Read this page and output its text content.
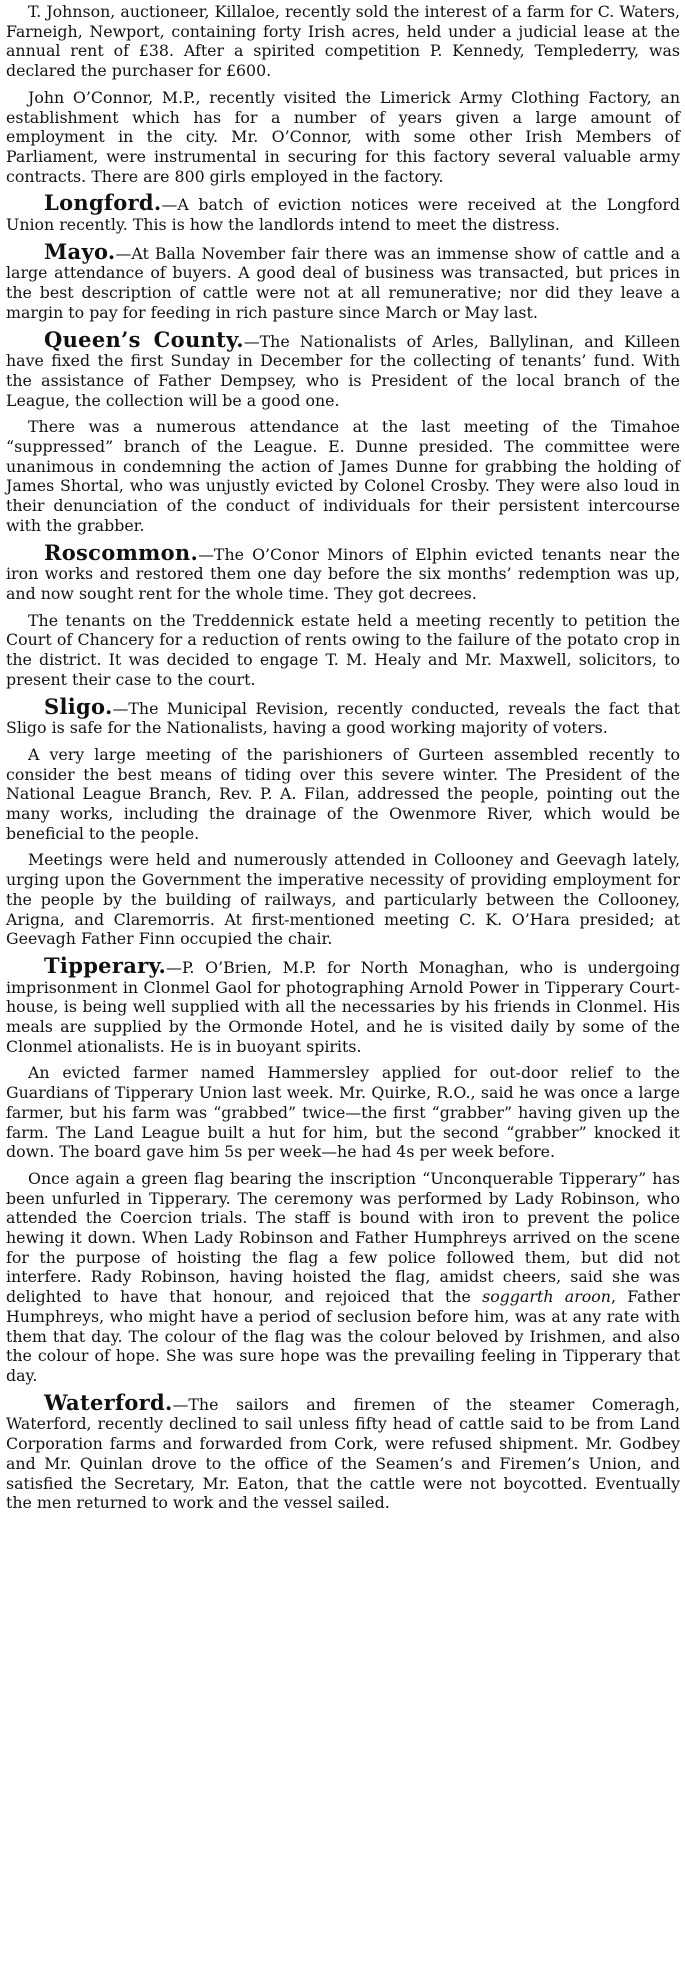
T. Johnson, auctioneer, Killaloe, recently sold the interest of a farm for C. Waters, Farneigh, Newport, containing forty Irish acres, held under a judicial lease at the annual rent of £38. After a spirited competition P. Kennedy, Templederry, was declared the purchaser for £600.

John O’Connor, M.P., recently visited the Limerick Army Clothing Factory, an establishment which has for a number of years given a large amount of employment in the city. Mr. O’Connor, with some other Irish Members of Parliament, were instrumental in securing for this factory several valuable army contracts. There are 800 girls employed in the factory.

Longford.—A batch of eviction notices were received at the Longford Union recently. This is how the landlords intend to meet the distress.

Mayo.—At Balla November fair there was an immense show of cattle and a large attendance of buyers. A good deal of business was transacted, but prices in the best description of cattle were not at all remunerative; nor did they leave a margin to pay for feeding in rich pasture since March or May last.

Queen’s County.—The Nationalists of Arles, Ballylinan, and Killeen have fixed the first Sunday in December for the collecting of tenants’ fund. With the assistance of Father Dempsey, who is President of the local branch of the League, the collection will be a good one.

There was a numerous attendance at the last meeting of the Timahoe “suppressed” branch of the League. E. Dunne presided. The committee were unanimous in condemning the action of James Dunne for grabbing the holding of James Shortal, who was unjustly evicted by Colonel Crosby. They were also loud in their denunciation of the conduct of individuals for their persistent intercourse with the grabber.

Roscommon.—The O’Conor Minors of Elphin evicted tenants near the iron works and restored them one day before the six months’ redemption was up, and now sought rent for the whole time. They got decrees.

The tenants on the Treddennick estate held a meeting recently to petition the Court of Chancery for a reduction of rents owing to the failure of the potato crop in the district. It was decided to engage T. M. Healy and Mr. Maxwell, solicitors, to present their case to the court.

Sligo.—The Municipal Revision, recently conducted, reveals the fact that Sligo is safe for the Nationalists, having a good working majority of voters.

A very large meeting of the parishioners of Gurteen assembled recently to consider the best means of tiding over this severe winter. The President of the National League Branch, Rev. P. A. Filan, addressed the people, pointing out the many works, including the drainage of the Owenmore River, which would be beneficial to the people.

Meetings were held and numerously attended in Collooney and Geevagh lately, urging upon the Government the imperative necessity of providing employment for the people by the building of railways, and particularly between the Collooney, Arigna, and Claremorris. At first-mentioned meeting C. K. O’Hara presided; at Geevagh Father Finn occupied the chair.

Tipperary.—P. O’Brien, M.P. for North Monaghan, who is undergoing imprisonment in Clonmel Gaol for photographing Arnold Power in Tipperary Court-house, is being well supplied with all the necessaries by his friends in Clonmel. His meals are supplied by the Ormonde Hotel, and he is visited daily by some of the Clonmel ationalists. He is in buoyant spirits.

An evicted farmer named Hammersley applied for out-door relief to the Guardians of Tipperary Union last week. Mr. Quirke, R.O., said he was once a large farmer, but his farm was “grabbed” twice—the first “grabber” having given up the farm. The Land League built a hut for him, but the second “grabber” knocked it down. The board gave him 5s per week—he had 4s per week before.

Once again a green flag bearing the inscription “Unconquerable Tipperary” has been unfurled in Tipperary. The ceremony was performed by Lady Robinson, who attended the Coercion trials. The staff is bound with iron to prevent the police hewing it down. When Lady Robinson and Father Humphreys arrived on the scene for the purpose of hoisting the flag a few police followed them, but did not interfere. Rady Robinson, having hoisted the flag, amidst cheers, said she was delighted to have that honour, and rejoiced that the soggarth aroon, Father Humphreys, who might have a period of seclusion before him, was at any rate with them that day. The colour of the flag was the colour beloved by Irishmen, and also the colour of hope. She was sure hope was the prevailing feeling in Tipperary that day.

Waterford.—The sailors and firemen of the steamer Comeragh, Waterford, recently declined to sail unless fifty head of cattle said to be from Land Corporation farms and forwarded from Cork, were refused shipment. Mr. Godbey and Mr. Quinlan drove to the office of the Seamen’s and Firemen’s Union, and satisfied the Secretary, Mr. Eaton, that the cattle were not boycotted. Eventually the men returned to work and the vessel sailed.
